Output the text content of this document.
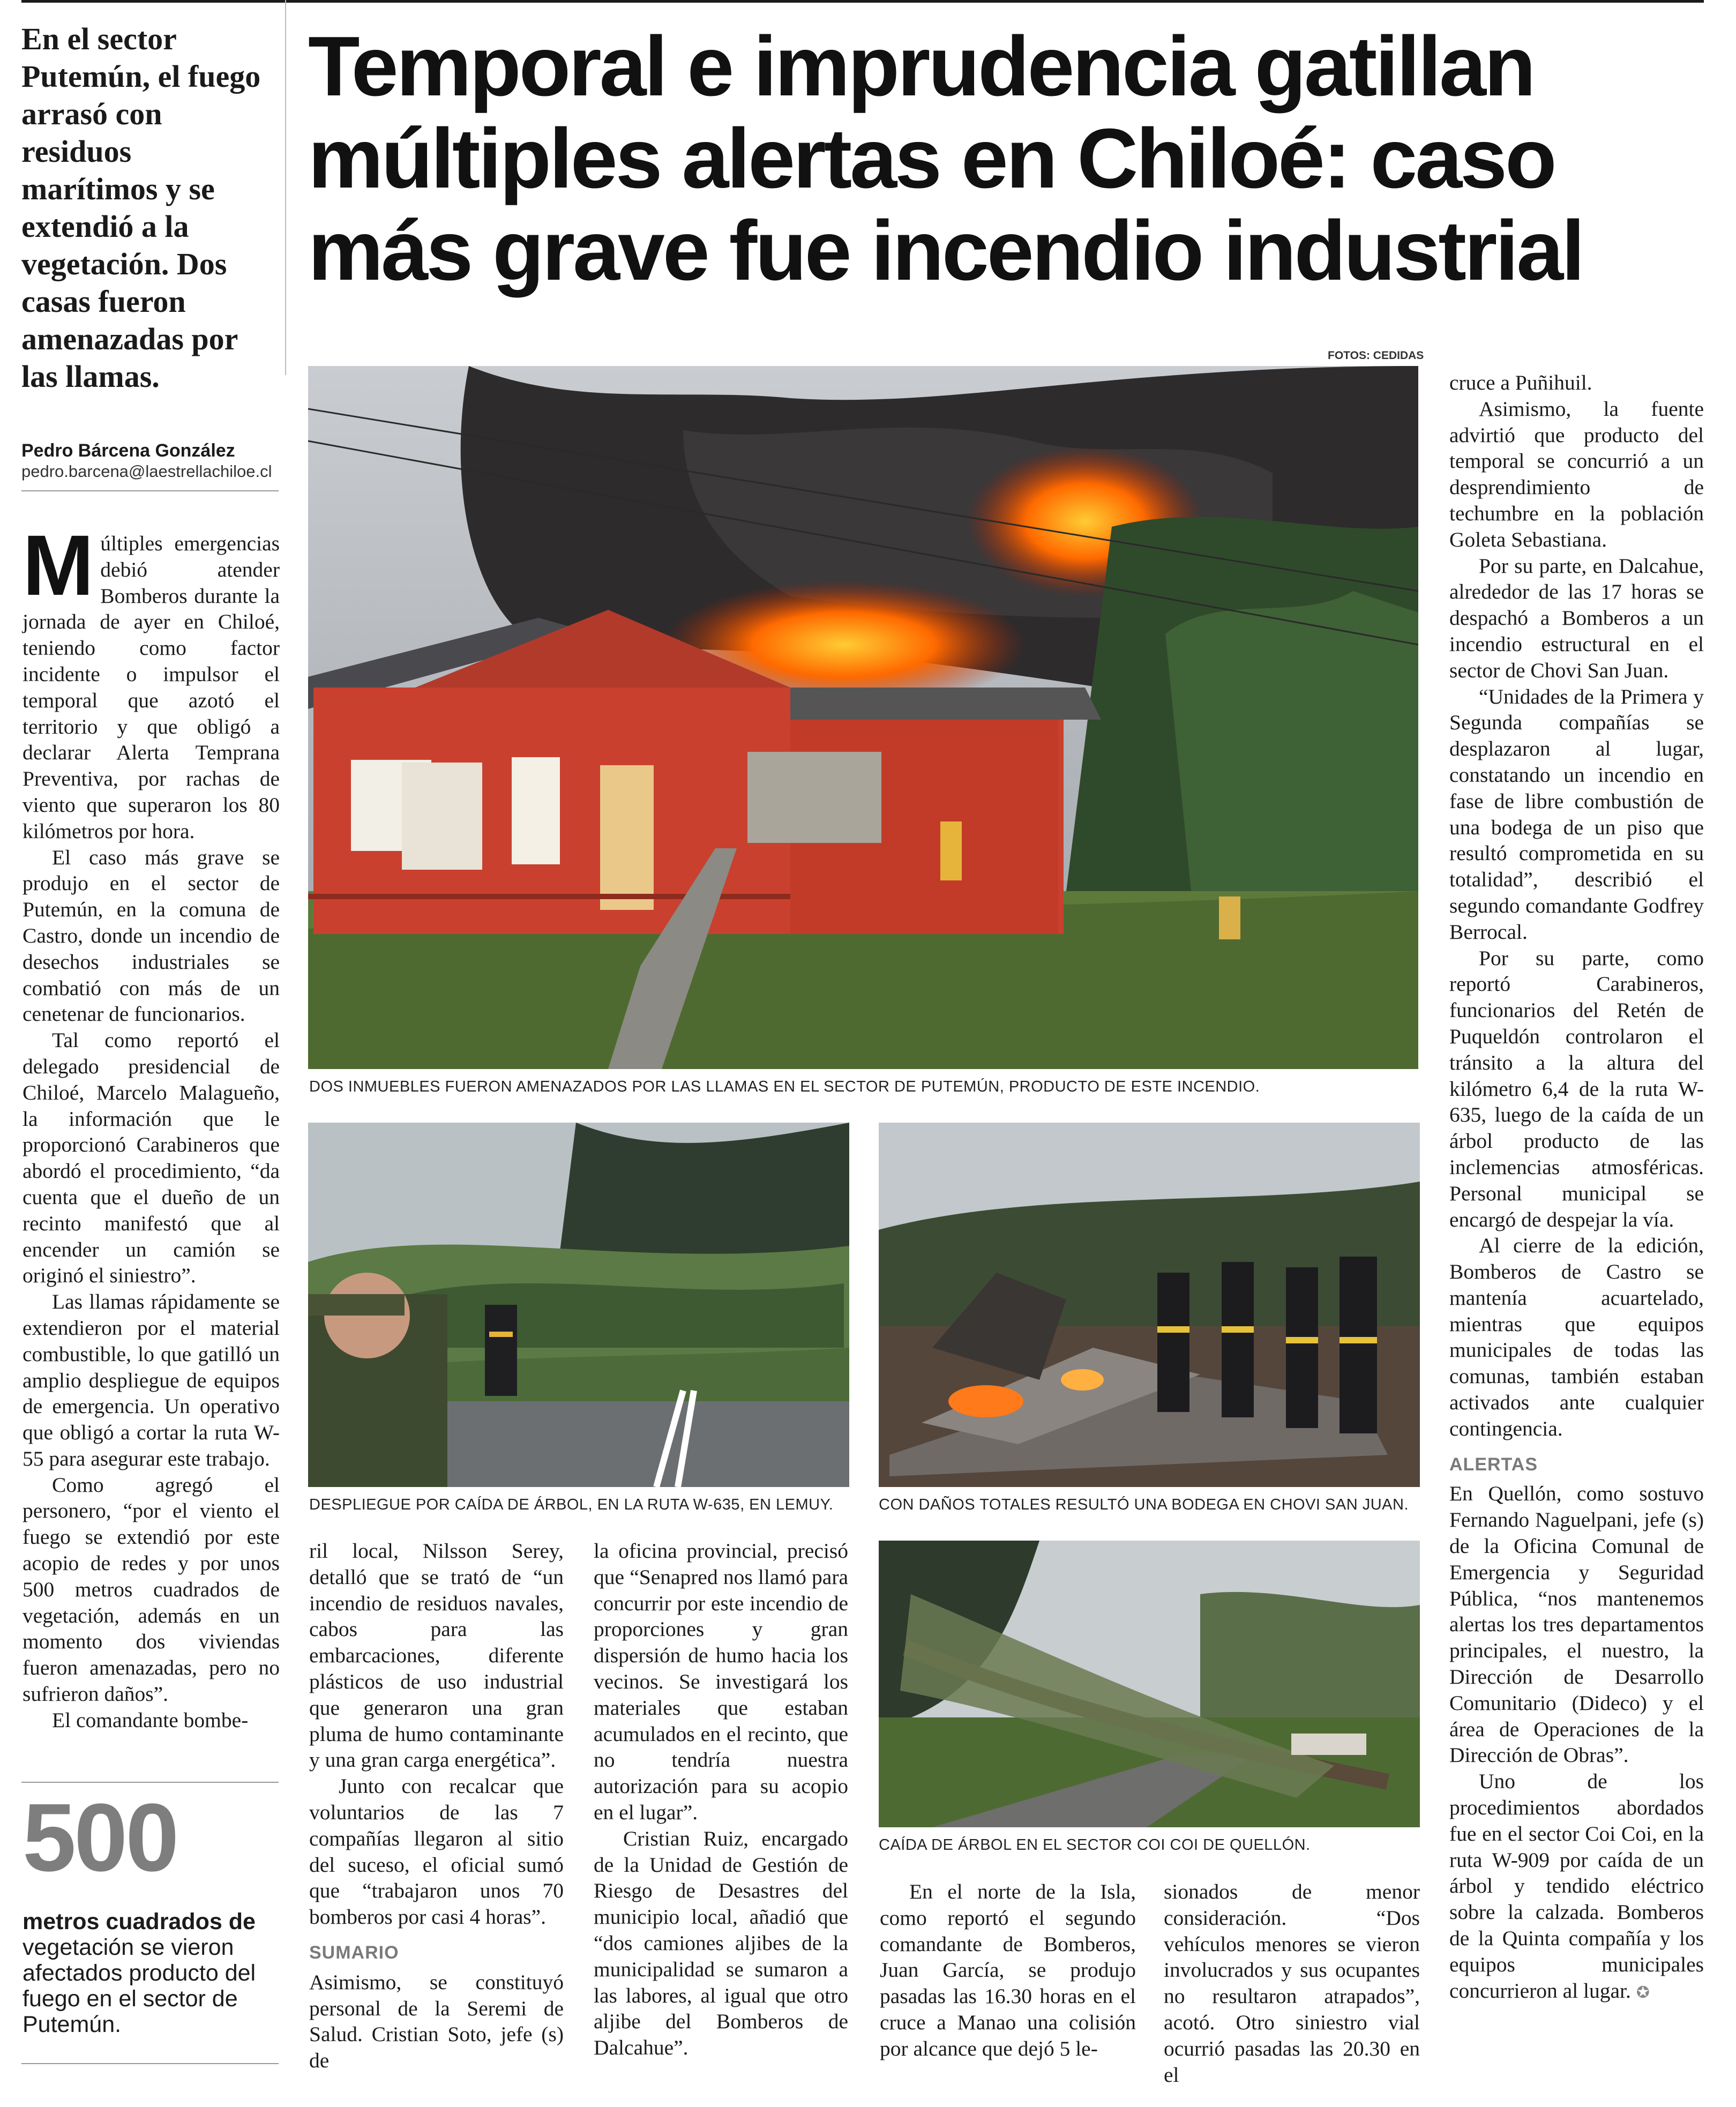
En el sector Putemún, el fuego arrasó con residuos marítimos y se extendió a la vegetación. Dos casas fueron amenazadas por las llamas.
Temporal e imprudencia gatillan múltiples alertas en Chiloé: caso más grave fue incendio industrial
Pedro Bárcena González
pedro.barcena@laestrellachiloe.cl
FOTOS: CEDIDAS
DOS INMUEBLES FUERON AMENAZADOS POR LAS LLAMAS EN EL SECTOR DE PUTEMÚN, PRODUCTO DE ESTE INCENDIO.
DESPLIEGUE POR CAÍDA DE ÁRBOL, EN LA RUTA W-635, EN LEMUY.	CON DAÑOS TOTALES RESULTÓ UNA BODEGA EN CHOVI SAN JUAN.
CAÍDA DE ÁRBOL EN EL SECTOR COI COI DE QUELLÓN.

Múltiples emergencias debió atender Bomberos durante la jornada de ayer en Chiloé, teniendo como factor incidente o impulsor el temporal que azotó el territorio y que obligó a declarar Alerta Temprana Preventiva, por rachas de viento que superaron los 80 kilómetros por hora.

El caso más grave se produjo en el sector de Putemún, en la comuna de Castro, donde un incendio de desechos industriales se combatió con más de un cenetenar de funcionarios.

Tal como reportó el delegado presidencial de Chiloé, Marcelo Malagueño, la información que le proporcionó Carabineros que abordó el procedimiento, “da cuenta que el dueño de un recinto manifestó que al encender un camión se originó el siniestro”.

Las llamas rápidamente se extendieron por el material combustible, lo que gatilló un amplio despliegue de equipos de emergencia. Un operativo que obligó a cortar la ruta W-55 para asegurar este trabajo.

Como agregó el personero, “por el viento el fuego se extendió por este acopio de redes y por unos 500 metros cuadrados de vegetación, además en un momento dos viviendas fueron amenazadas, pero no sufrieron daños”.

El comandante bombe-

500
metros cuadrados de vegetación se vieron afectados producto del fuego en el sector de Putemún.

ril local, Nilsson Serey, detalló que se trató de “un incendio de residuos navales, cabos para las embarcaciones, diferente plásticos de uso industrial que generaron una gran pluma de humo contaminante y una gran carga energética”.

Junto con recalcar que voluntarios de las 7 compañías llegaron al sitio del suceso, el oficial sumó que “trabajaron unos 70 bomberos por casi 4 horas”.

SUMARIO

Asimismo, se constituyó personal de la Seremi de Salud. Cristian Soto, jefe (s) de

la oficina provincial, precisó que “Senapred nos llamó para concurrir por este incendio de proporciones y gran dispersión de humo hacia los vecinos. Se investigará los materiales que estaban acumulados en el recinto, que no tendría nuestra autorización para su acopio en el lugar”.

Cristian Ruiz, encargado de la Unidad de Gestión de Riesgo de Desastres del municipio local, añadió que “dos camiones aljibes de la municipalidad se sumaron a las labores, al igual que otro aljibe del Bomberos de Dalcahue”.

En el norte de la Isla, como reportó el segundo comandante de Bomberos, Juan García, se produjo pasadas las 16.30 horas en el cruce a Manao una colisión por alcance que dejó 5 le-

sionados de menor consideración. “Dos vehículos menores se vieron involucrados y sus ocupantes no resultaron atrapados”, acotó. Otro siniestro vial ocurrió pasadas las 20.30 en el

cruce a Puñihuil.

Asimismo, la fuente advirtió que producto del temporal se concurrió a un desprendimiento de techumbre en la población Goleta Sebastiana.

Por su parte, en Dalcahue, alrededor de las 17 horas se despachó a Bomberos a un incendio estructural en el sector de Chovi San Juan.

“Unidades de la Primera y Segunda compañías se desplazaron al lugar, constatando un incendio en fase de libre combustión de una bodega de un piso que resultó comprometida en su totalidad”, describió el segundo comandante Godfrey Berrocal.

Por su parte, como reportó Carabineros, funcionarios del Retén de Puqueldón controlaron el tránsito a la altura del kilómetro 6,4 de la ruta W-635, luego de la caída de un árbol producto de las inclemencias atmosféricas. Personal municipal se encargó de despejar la vía.

Al cierre de la edición, Bomberos de Castro se mantenía acuartelado, mientras que equipos municipales de todas las comunas, también estaban activados ante cualquier contingencia.

ALERTAS

En Quellón, como sostuvo Fernando Naguelpani, jefe (s) de la Oficina Comunal de Emergencia y Seguridad Pública, “nos mantenemos alertas los tres departamentos principales, el nuestro, la Dirección de Desarrollo Comunitario (Dideco) y el área de Operaciones de la Dirección de Obras”.

Uno de los procedimientos abordados fue en el sector Coi Coi, en la ruta W-909 por caída de un árbol y tendido eléctrico sobre la calzada. Bomberos de la Quinta compañía y los equipos municipales concurrieron al lugar. ✪
